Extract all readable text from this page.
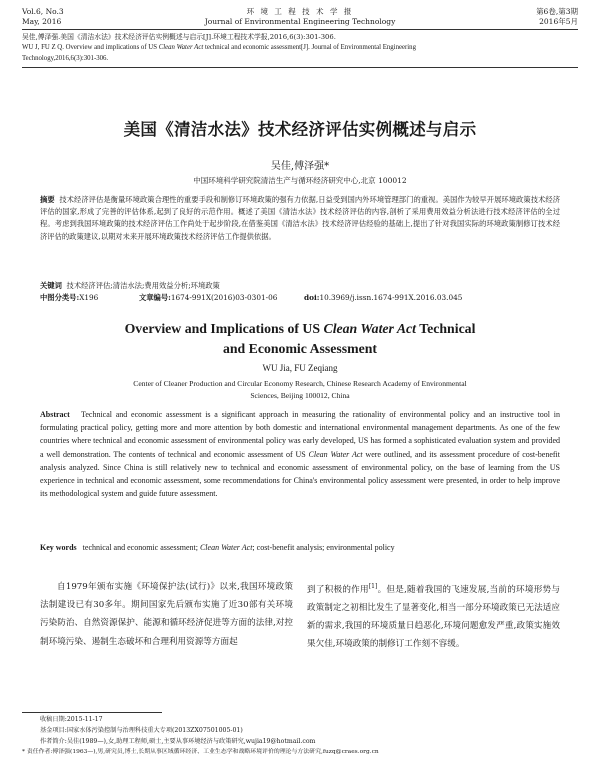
Vol.6, No.3
May, 2016
环 境 工 程 技 术 学 报
Journal of Environmental Engineering Technology
第6卷,第3期
2016年5月
吴佳,傅泽强.美国《清洁水法》技术经济评估实例概述与启示[J].环境工程技术学报,2016,6(3):301-306.
WU J, FU Z Q. Overview and implications of US Clean Water Act technical and economic assessment[J]. Journal of Environmental Engineering
Technology,2016,6(3):301-306.
美国《清洁水法》技术经济评估实例概述与启示
吴佳,傅泽强*
中国环境科学研究院清洁生产与循环经济研究中心,北京 100012
摘要 技术经济评估是衡量环境政策合理性的重要手段和制修订环境政策的强有力依据,日益受到国内外环境管理部门的重视。美国作为较早开展环境政策技术经济评估的国家,形成了完善的评估体系,起到了良好的示范作用。概述了美国《清洁水法》技术经济评估的内容,剖析了采用费用效益分析法进行技术经济评估的全过程。考虑到我国环境政策的技术经济评估工作尚处于起步阶段,在借鉴美国《清洁水法》技术经济评估经验的基础上,提出了针对我国实际的环境政策制修订技术经济评估的政策建议,以期对未来开展环境政策技术经济评估工作提供依据。
关键词 技术经济评估;清洁水法;费用效益分析;环境政策
中图分类号:X196	文章编号:1674-991X(2016)03-0301-06	doi:10.3969/j.issn.1674-991X.2016.03.045
Overview and Implications of US Clean Water Act Technical
and Economic Assessment
WU Jia, FU Zeqiang
Center of Cleaner Production and Circular Economy Research, Chinese Research Academy of Environmental
Sciences, Beijing 100012, China
Abstract Technical and economic assessment is a significant approach in measuring the rationality of environmental policy and an instructive tool in formulating practical policy, getting more and more attention by both domestic and international environmental management departments. As one of the few countries where technical and economic assessment of environmental policy was early developed, US has formed a sophisticated evaluation system and provided a well demonstration. The contents of technical and economic assessment of US Clean Water Act were outlined, and its assessment procedure of cost-benefit analysis analyzed. Since China is still relatively new to technical and economic assessment of environmental policy, on the base of learning from the US experience in technical and economic assessment, some recommendations for China's environmental policy assessment were presented, in order to help improve its methodological system and guide future assessment.
Key words technical and economic assessment; Clean Water Act; cost-benefit analysis; environmental policy
自1979年颁布实施《环境保护法(试行)》以来,我国环境政策法制建设已有30多年。期间国家先后颁布实施了近30部有关环境污染防治、自然资源保护、能源和循环经济促进等方面的法律,对控制环境污染、遏制生态破坏和合理利用资源等方面起
到了积极的作用[1]。但是,随着我国的飞速发展,当前的环境形势与政策制定之初相比发生了显著变化,相当一部分环境政策已无法适应新的需求,我国的环境质量日趋恶化,环境问题愈发严重,政策实施效果欠佳,环境政策的制修订工作刻不容缓。
收稿日期:2015-11-17
基金项目:国家水体污染控制与治理科技重大专项(2013ZX07501005-01)
作者简介:吴佳(1989—),女,助理工程师,硕士,主要从事环境经济与政策研究,wujia19@hotmail.com
* 责任作者:傅泽强(1963—),男,研究员,博士,长期从事区域循环经济、工业生态学和战略环境评价的理论与方法研究,fuzq@craes.org.cn
